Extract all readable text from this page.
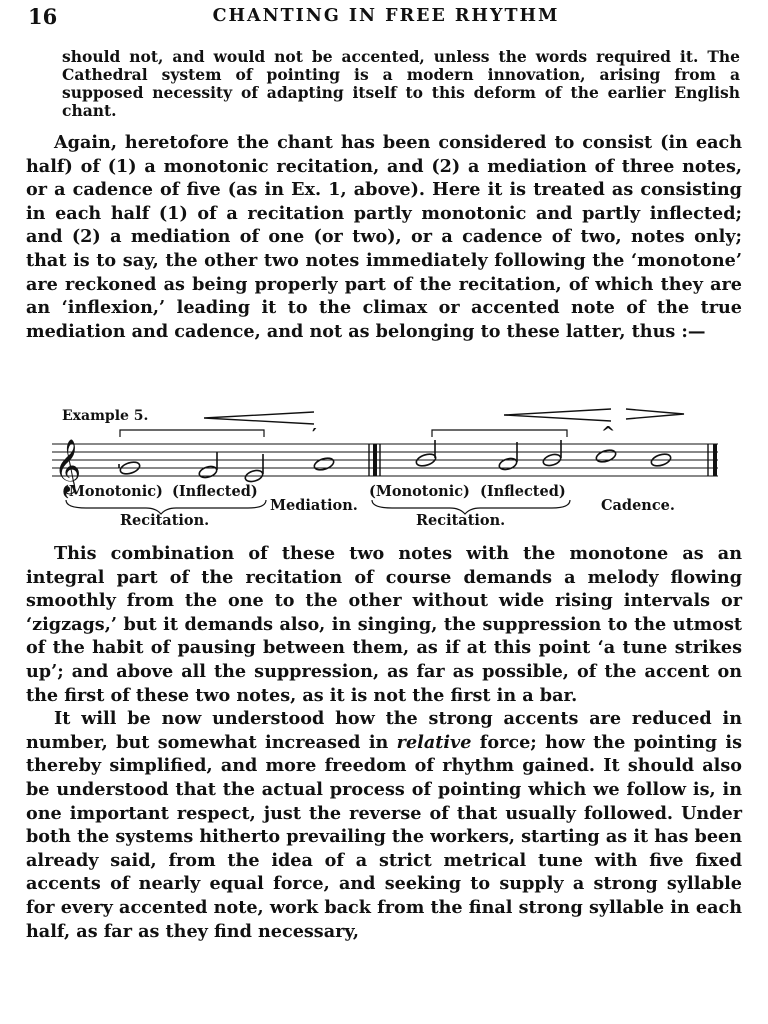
16	CHANTING IN FREE RHYTHM
should not, and would not be accented, unless the words required it. The Cathedral system of pointing is a modern innovation, arising from a supposed necessity of adapting itself to this deform of the earlier English chant.

Again, heretofore the chant has been considered to consist (in each half) of (1) a monotonic recitation, and (2) a mediation of three notes, or a cadence of five (as in Ex. 1, above). Here it is treated as consisting in each half (1) of a recitation partly monotonic and partly inflected; and (2) a mediation of one (or two), or a cadence of two, notes only; that is to say, the other two notes immediately following the ‘monotone’ are reckoned as being properly part of the recitation, of which they are an ‘inflexion,’ leading it to the climax or accented note of the true mediation and cadence, and not as belonging to these latter, thus :—

Example 5.
′	^
𝄞
(Monotonic) (Inflected)
Recitation.
Mediation.
(Monotonic) (Inflected)
Recitation.
Cadence.

This combination of these two notes with the monotone as an integral part of the recitation of course demands a melody flowing smoothly from the one to the other without wide rising intervals or ‘zigzags,’ but it demands also, in singing, the suppression to the utmost of the habit of pausing between them, as if at this point ‘a tune strikes up’; and above all the suppression, as far as possible, of the accent on the first of these two notes, as it is not the first in a bar.

It will be now understood how the strong accents are reduced in number, but somewhat increased in relative force; how the pointing is thereby simplified, and more freedom of rhythm gained. It should also be understood that the actual process of pointing which we follow is, in one important respect, just the reverse of that usually followed. Under both the systems hitherto prevailing the workers, starting as it has been already said, from the idea of a strict metrical tune with five fixed accents of nearly equal force, and seeking to supply a strong syllable for every accented note, work back from the final strong syllable in each half, as far as they find necessary,
